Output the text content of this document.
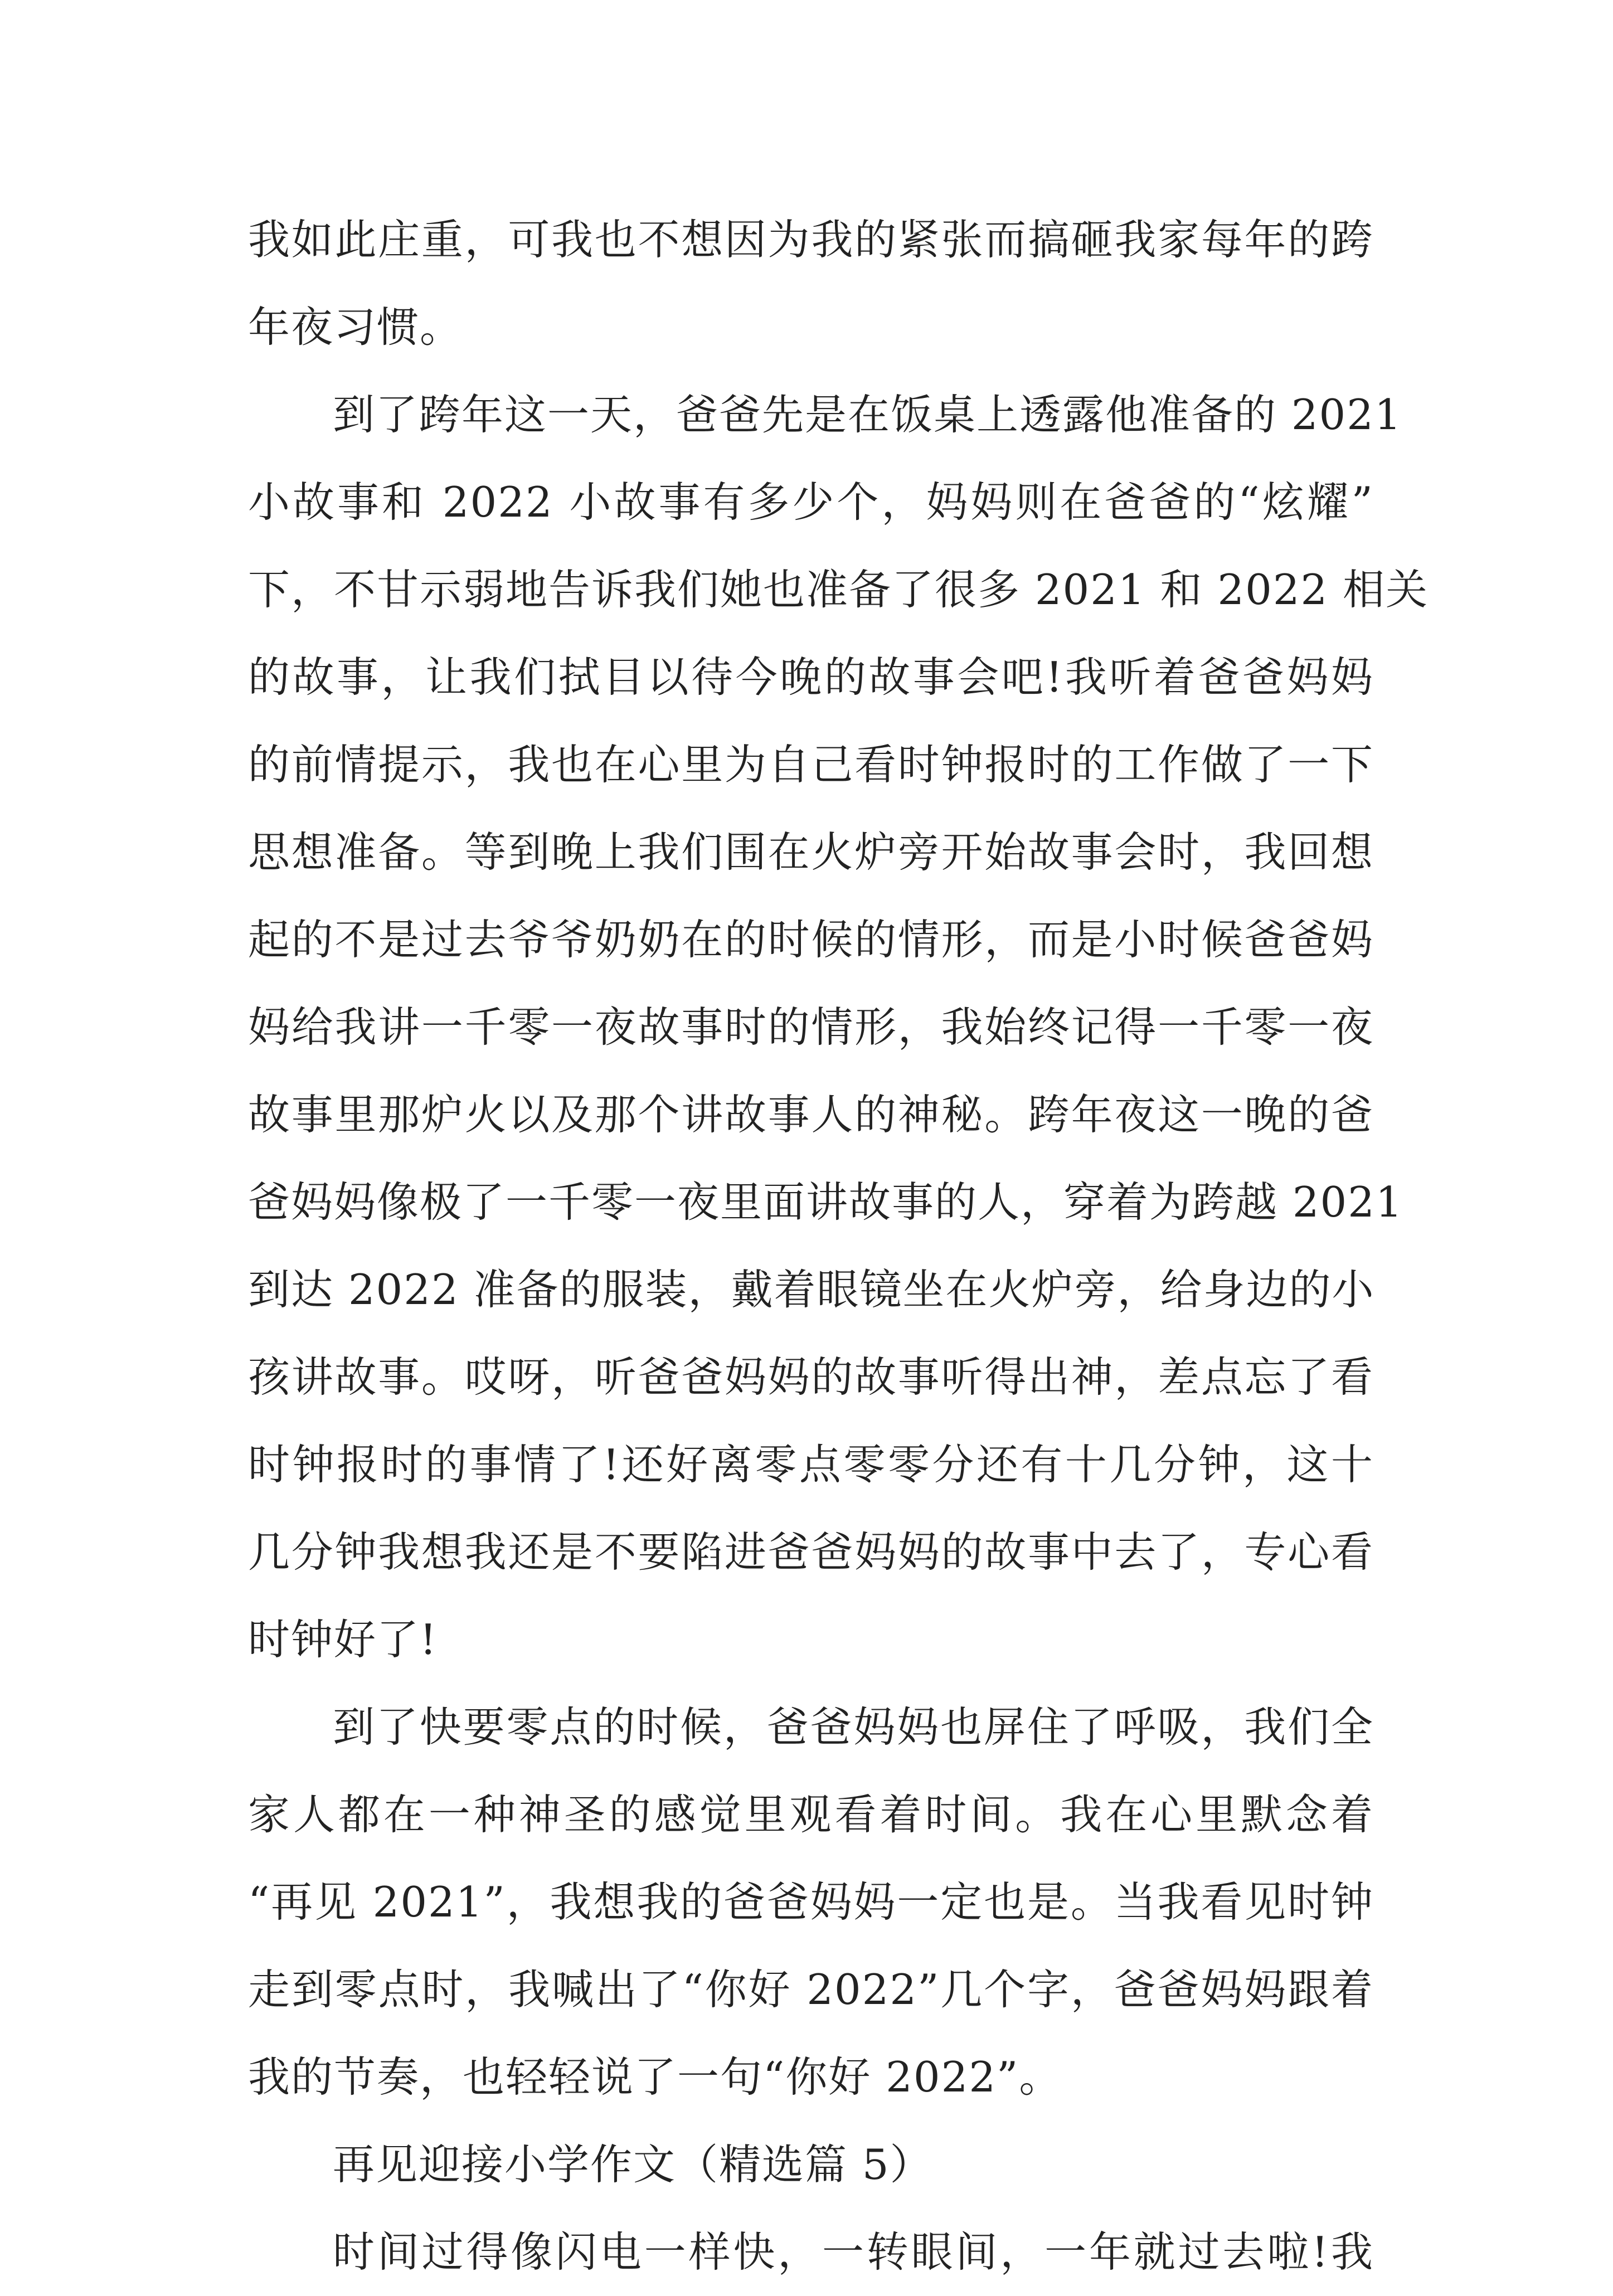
我如此庄重，可我也不想因为我的紧张而搞砸我家每年的跨
年夜习惯。
到了跨年这一天，爸爸先是在饭桌上透露他准备的 2021
小故事和 2022 小故事有多少个，妈妈则在爸爸的“炫耀”
下，不甘示弱地告诉我们她也准备了很多 2021 和 2022 相关
的故事，让我们拭目以待今晚的故事会吧!我听着爸爸妈妈
的前情提示，我也在心里为自己看时钟报时的工作做了一下
思想准备。等到晚上我们围在火炉旁开始故事会时，我回想
起的不是过去爷爷奶奶在的时候的情形，而是小时候爸爸妈
妈给我讲一千零一夜故事时的情形，我始终记得一千零一夜
故事里那炉火以及那个讲故事人的神秘。跨年夜这一晚的爸
爸妈妈像极了一千零一夜里面讲故事的人，穿着为跨越 2021
到达 2022 准备的服装，戴着眼镜坐在火炉旁，给身边的小
孩讲故事。哎呀，听爸爸妈妈的故事听得出神，差点忘了看
时钟报时的事情了!还好离零点零零分还有十几分钟，这十
几分钟我想我还是不要陷进爸爸妈妈的故事中去了，专心看
时钟好了!
到了快要零点的时候，爸爸妈妈也屏住了呼吸，我们全
家人都在一种神圣的感觉里观看着时间。我在心里默念着
“再见 2021”，我想我的爸爸妈妈一定也是。当我看见时钟
走到零点时，我喊出了“你好 2022”几个字，爸爸妈妈跟着
我的节奏，也轻轻说了一句“你好 2022”。
再见迎接小学作文（精选篇 5）
时间过得像闪电一样快，一转眼间，一年就过去啦!我
